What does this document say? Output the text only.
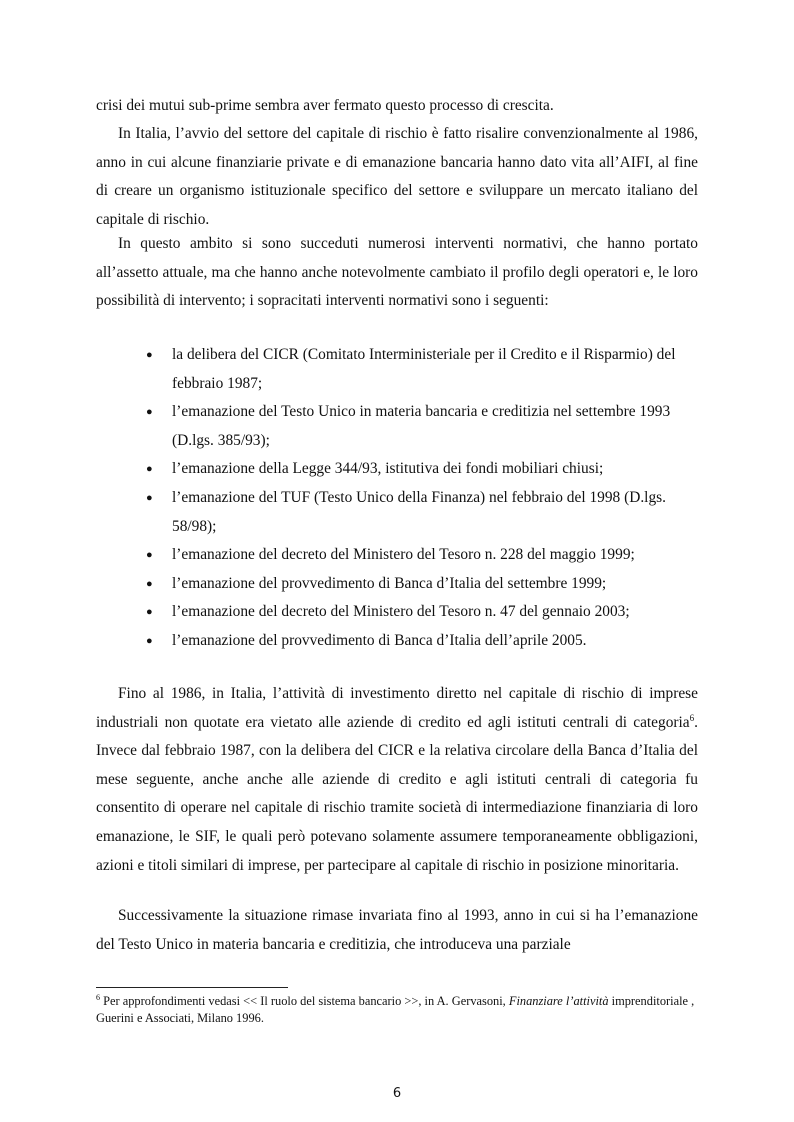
crisi dei mutui sub-prime sembra aver fermato questo processo di crescita.

In Italia, l’avvio del settore del capitale di rischio è fatto risalire convenzionalmente al 1986, anno in cui alcune finanziarie private e di emanazione bancaria hanno dato vita all’AIFI, al fine di creare un organismo istituzionale specifico del settore e sviluppare un mercato italiano del capitale di rischio.

In questo ambito si sono succeduti numerosi interventi normativi, che hanno portato all’assetto attuale, ma che hanno anche notevolmente cambiato il profilo degli operatori e, le loro possibilità di intervento; i sopracitati interventi normativi sono i seguenti:

● la delibera del CICR (Comitato Interministeriale per il Credito e il Risparmio) del febbraio 1987;
● l’emanazione del Testo Unico in materia bancaria e creditizia nel settembre 1993 (D.lgs. 385/93);
● l’emanazione della Legge 344/93, istitutiva dei fondi mobiliari chiusi;
● l’emanazione del TUF (Testo Unico della Finanza) nel febbraio del 1998 (D.lgs. 58/98);
● l’emanazione del decreto del Ministero del Tesoro n. 228 del maggio 1999;
● l’emanazione del provvedimento di Banca d’Italia del settembre 1999;
● l’emanazione del decreto del Ministero del Tesoro n. 47 del gennaio 2003;
● l’emanazione del provvedimento di Banca d’Italia dell’aprile 2005.

Fino al 1986, in Italia, l’attività di investimento diretto nel capitale di rischio di imprese industriali non quotate era vietato alle aziende di credito ed agli istituti centrali di categoria$^6$. Invece dal febbraio 1987, con la delibera del CICR e la relativa circolare della Banca d’Italia del mese seguente, anche anche alle aziende di credito e agli istituti centrali di categoria fu consentito di operare nel capitale di rischio tramite società di intermediazione finanziaria di loro emanazione, le SIF, le quali però potevano solamente assumere temporaneamente obbligazioni, azioni e titoli similari di imprese, per partecipare al capitale di rischio in posizione minoritaria.

Successivamente la situazione rimase invariata fino al 1993, anno in cui si ha l’emanazione del Testo Unico in materia bancaria e creditizia, che introduceva una parziale

$^6$ Per approfondimenti vedasi << Il ruolo del sistema bancario >>, in A. Gervasoni, Finanziare l’attività imprenditoriale , Guerini e Associati, Milano 1996.

6
